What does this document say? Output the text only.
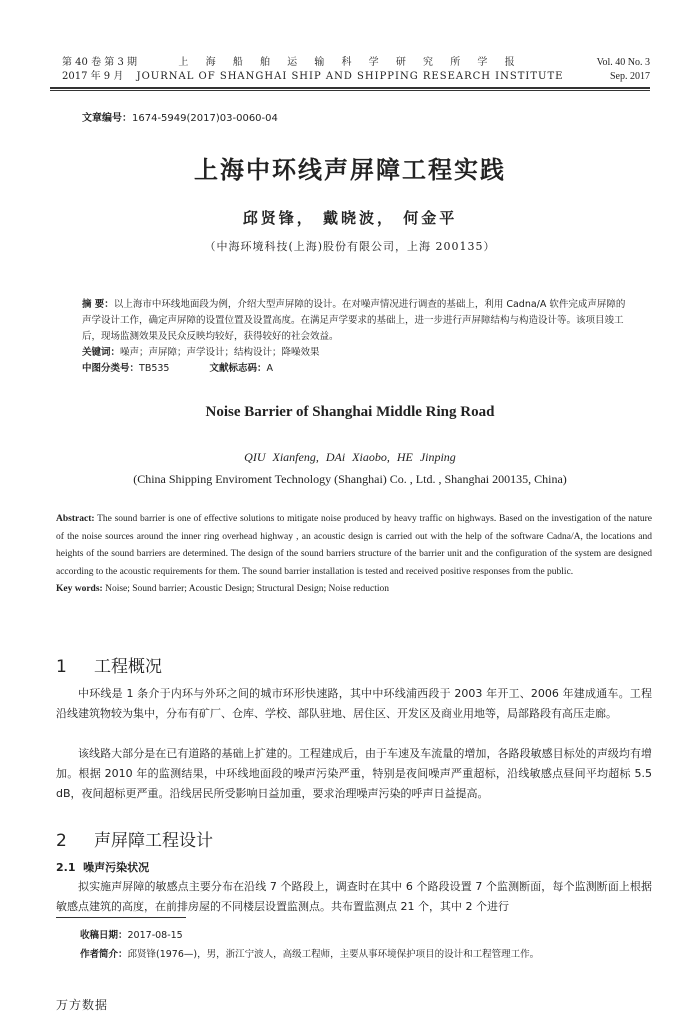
第 40 卷 第 3 期
2017 年 9 月
上 海 船 舶 运 输 科 学 研 究 所 学 报
JOURNAL OF SHANGHAI SHIP AND SHIPPING RESEARCH INSTITUTE
Vol. 40 No. 3
Sep. 2017
文章编号：1674-5949(2017)03-0060-04
上海中环线声屏障工程实践
邱贤锋， 戴晓波， 何金平
（中海环境科技(上海)股份有限公司，上海 200135）
摘 要：以上海市中环线地面段为例，介绍大型声屏障的设计。在对噪声情况进行调查的基础上，利用 Cadna/A 软件完成声屏障的声学设计工作，确定声屏障的设置位置及设置高度。在满足声学要求的基础上，进一步进行声屏障结构与构造设计等。该项目竣工后，现场监测效果及民众反映均较好，获得较好的社会效益。
关键词：噪声；声屏障；声学设计；结构设计；降噪效果
中图分类号：TB535	文献标志码：A
Noise Barrier of Shanghai Middle Ring Road
QIU Xianfeng, DAi Xiaobo, HE Jinping
(China Shipping Enviroment Technology (Shanghai) Co. , Ltd. , Shanghai 200135, China)
Abstract: The sound barrier is one of effective solutions to mitigate noise produced by heavy traffic on highways. Based on the investigation of the nature of the noise sources around the inner ring overhead highway , an acoustic design is carried out with the help of the software Cadna/A, the locations and heights of the sound barriers are determined. The design of the sound barriers structure of the barrier unit and the configuration of the system are designed according to the acoustic requirements for them. The sound barrier installation is tested and received positive responses from the public.
Key words: Noise; Sound barrier; Acoustic Design; Structural Design; Noise reduction
1 工程概况
中环线是 1 条介于内环与外环之间的城市环形快速路，其中中环线浦西段于 2003 年开工、2006 年建成通车。工程沿线建筑物较为集中，分布有矿厂、仓库、学校、部队驻地、居住区、开发区及商业用地等，局部路段有高压走廊。
该线路大部分是在已有道路的基础上扩建的。工程建成后，由于车速及车流量的增加，各路段敏感目标处的声级均有增加。根据 2010 年的监测结果，中环线地面段的噪声污染严重，特别是夜间噪声严重超标，沿线敏感点昼间平均超标 5.5 dB，夜间超标更严重。沿线居民所受影响日益加重，要求治理噪声污染的呼声日益提高。
2 声屏障工程设计
2.1 噪声污染状况
拟实施声屏障的敏感点主要分布在沿线 7 个路段上，调查时在其中 6 个路段设置 7 个监测断面，每个监测断面上根据敏感点建筑的高度，在前排房屋的不同楼层设置监测点。共布置监测点 21 个，其中 2 个进行
收稿日期：2017-08-15
作者简介：邱贤锋(1976—)，男，浙江宁波人，高级工程师，主要从事环境保护项目的设计和工程管理工作。
万方数据
